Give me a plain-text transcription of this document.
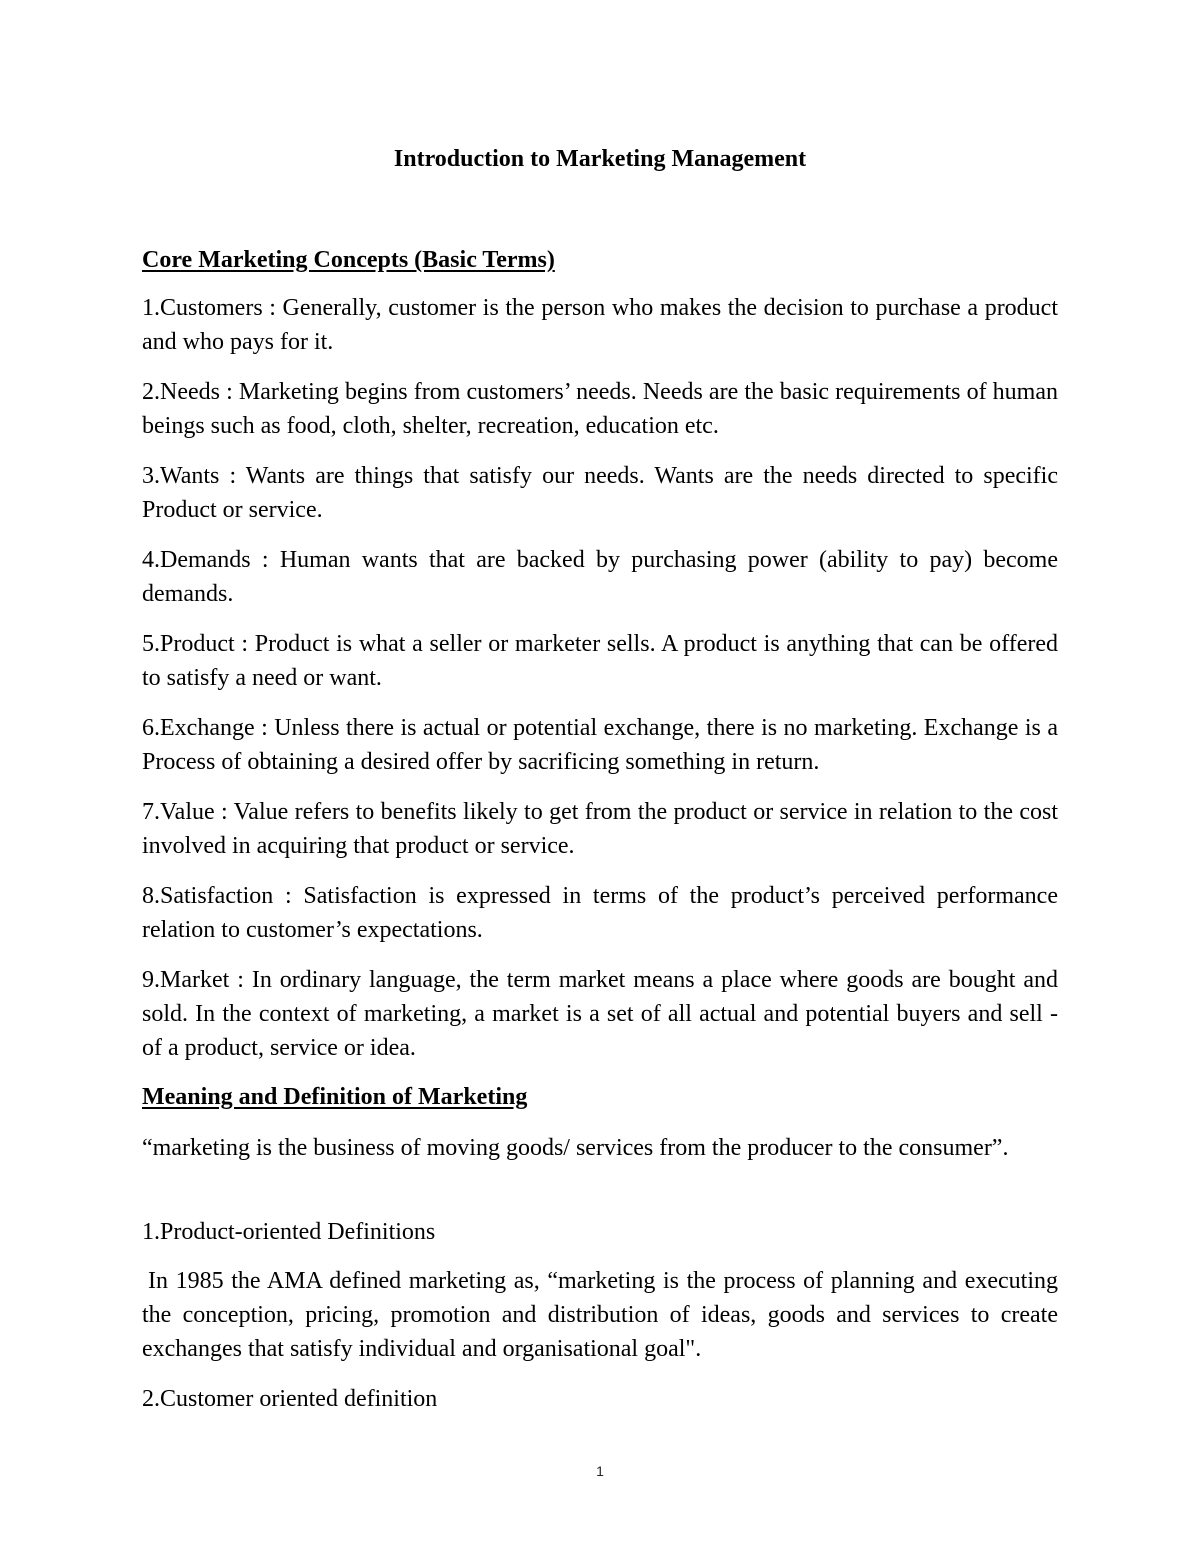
Introduction to Marketing Management
Core Marketing Concepts (Basic Terms)

1.Customers : Generally, customer is the person who makes the decision to purchase a product and who pays for it.

2.Needs : Marketing begins from customers’ needs. Needs are the basic requirements of human beings such as food, cloth, shelter, recreation, education etc.

3.Wants : Wants are things that satisfy our needs. Wants are the needs directed to specific Product or service.

4.Demands : Human wants that are backed by purchasing power (ability to pay) become demands.

5.Product : Product is what a seller or marketer sells. A product is anything that can be offered to satisfy a need or want.

6.Exchange : Unless there is actual or potential exchange, there is no marketing. Exchange is a Process of obtaining a desired offer by sacrificing something in return.

7.Value : Value refers to benefits likely to get from the product or service in relation to the cost involved in acquiring that product or service.

8.Satisfaction : Satisfaction is expressed in terms of the product’s perceived performance relation to customer’s expectations.

9.Market : In ordinary language, the term market means a place where goods are bought and sold. In the context of marketing, a market is a set of all actual and potential buyers and sell - of a product, service or idea.

Meaning and Definition of Marketing

“marketing is the business of moving goods/ services from the producer to the consumer”.

1.Product-oriented Definitions

In 1985 the AMA defined marketing as, “marketing is the process of planning and executing the conception, pricing, promotion and distribution of ideas, goods and services to create exchanges that satisfy individual and organisational goal".

2.Customer oriented definition

1
